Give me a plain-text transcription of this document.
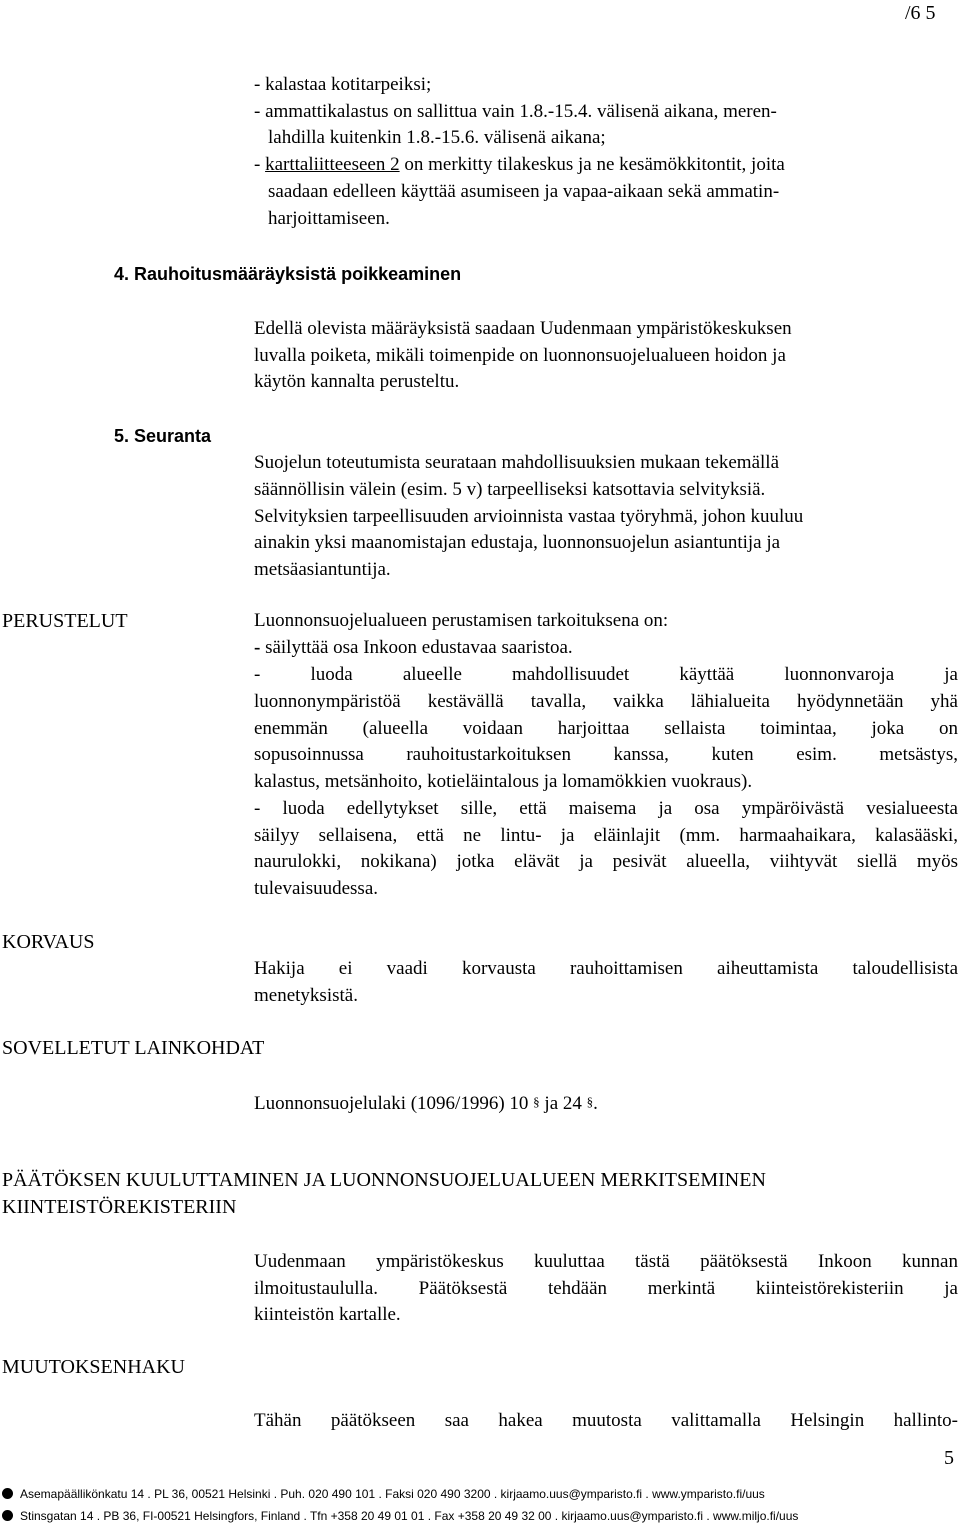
/6 5
- kalastaa kotitarpeiksi;
- ammattikalastus on sallittua vain 1.8.-15.4. välisenä aikana, meren-
lahdilla kuitenkin 1.8.-15.6. välisenä aikana;
- karttaliitteeseen 2 on merkitty tilakeskus ja ne kesämökkitontit, joita
saadaan edelleen käyttää asumiseen ja vapaa-aikaan sekä ammatin-
harjoittamiseen.
4. Rauhoitusmääräyksistä poikkeaminen
Edellä olevista määräyksistä saadaan Uudenmaan ympäristökeskuksen
luvalla poiketa, mikäli toimenpide on luonnonsuojelualueen hoidon ja
käytön kannalta perusteltu.
5. Seuranta
Suojelun toteutumista seurataan mahdollisuuksien mukaan tekemällä
säännöllisin välein (esim. 5 v) tarpeelliseksi katsottavia selvityksiä.
Selvityksien tarpeellisuuden arvioinnista vastaa työryhmä, johon kuuluu
ainakin yksi maanomistajan edustaja, luonnonsuojelun asiantuntija ja
metsäasiantuntija.
PERUSTELUT	Luonnonsuojelualueen perustamisen tarkoituksena on:
- säilyttää osa Inkoon edustavaa saaristoa.
- luoda alueelle mahdollisuudet käyttää luonnonvaroja ja
luonnonympäristöä kestävällä tavalla, vaikka lähialueita hyödynnetään yhä
enemmän (alueella voidaan harjoittaa sellaista toimintaa, joka on
sopusoinnussa rauhoitustarkoituksen kanssa, kuten esim. metsästys,
kalastus, metsänhoito, kotieläintalous ja lomamökkien vuokraus).
- luoda edellytykset sille, että maisema ja osa ympäröivästä vesialueesta
säilyy sellaisena, että ne lintu- ja eläinlajit (mm. harmaahaikara, kalasääski,
naurulokki, nokikana) jotka elävät ja pesivät alueella, viihtyvät siellä myös
tulevaisuudessa.
KORVAUS
Hakija ei vaadi korvausta rauhoittamisen aiheuttamista taloudellisista
menetyksistä.
SOVELLETUT LAINKOHDAT
Luonnonsuojelulaki (1096/1996) 10 § ja 24 §.
PÄÄTÖKSEN KUULUTTAMINEN JA LUONNONSUOJELUALUEEN MERKITSEMINEN
KIINTEISTÖREKISTERIIN
Uudenmaan ympäristökeskus kuuluttaa tästä päätöksestä Inkoon kunnan
ilmoitustaululla. Päätöksestä tehdään merkintä kiinteistörekisteriin ja
kiinteistön kartalle.
MUUTOKSENHAKU
Tähän päätökseen saa hakea muutosta valittamalla Helsingin hallinto-
5
Asemapäällikönkatu 14 . PL 36, 00521 Helsinki . Puh. 020 490 101 . Faksi 020 490 3200 . kirjaamo.uus@ymparisto.fi . www.ymparisto.fi/uus
Stinsgatan 14 . PB 36, FI-00521 Helsingfors, Finland . Tfn +358 20 49 01 01 . Fax +358 20 49 32 00 . kirjaamo.uus@ymparisto.fi . www.miljo.fi/uus
